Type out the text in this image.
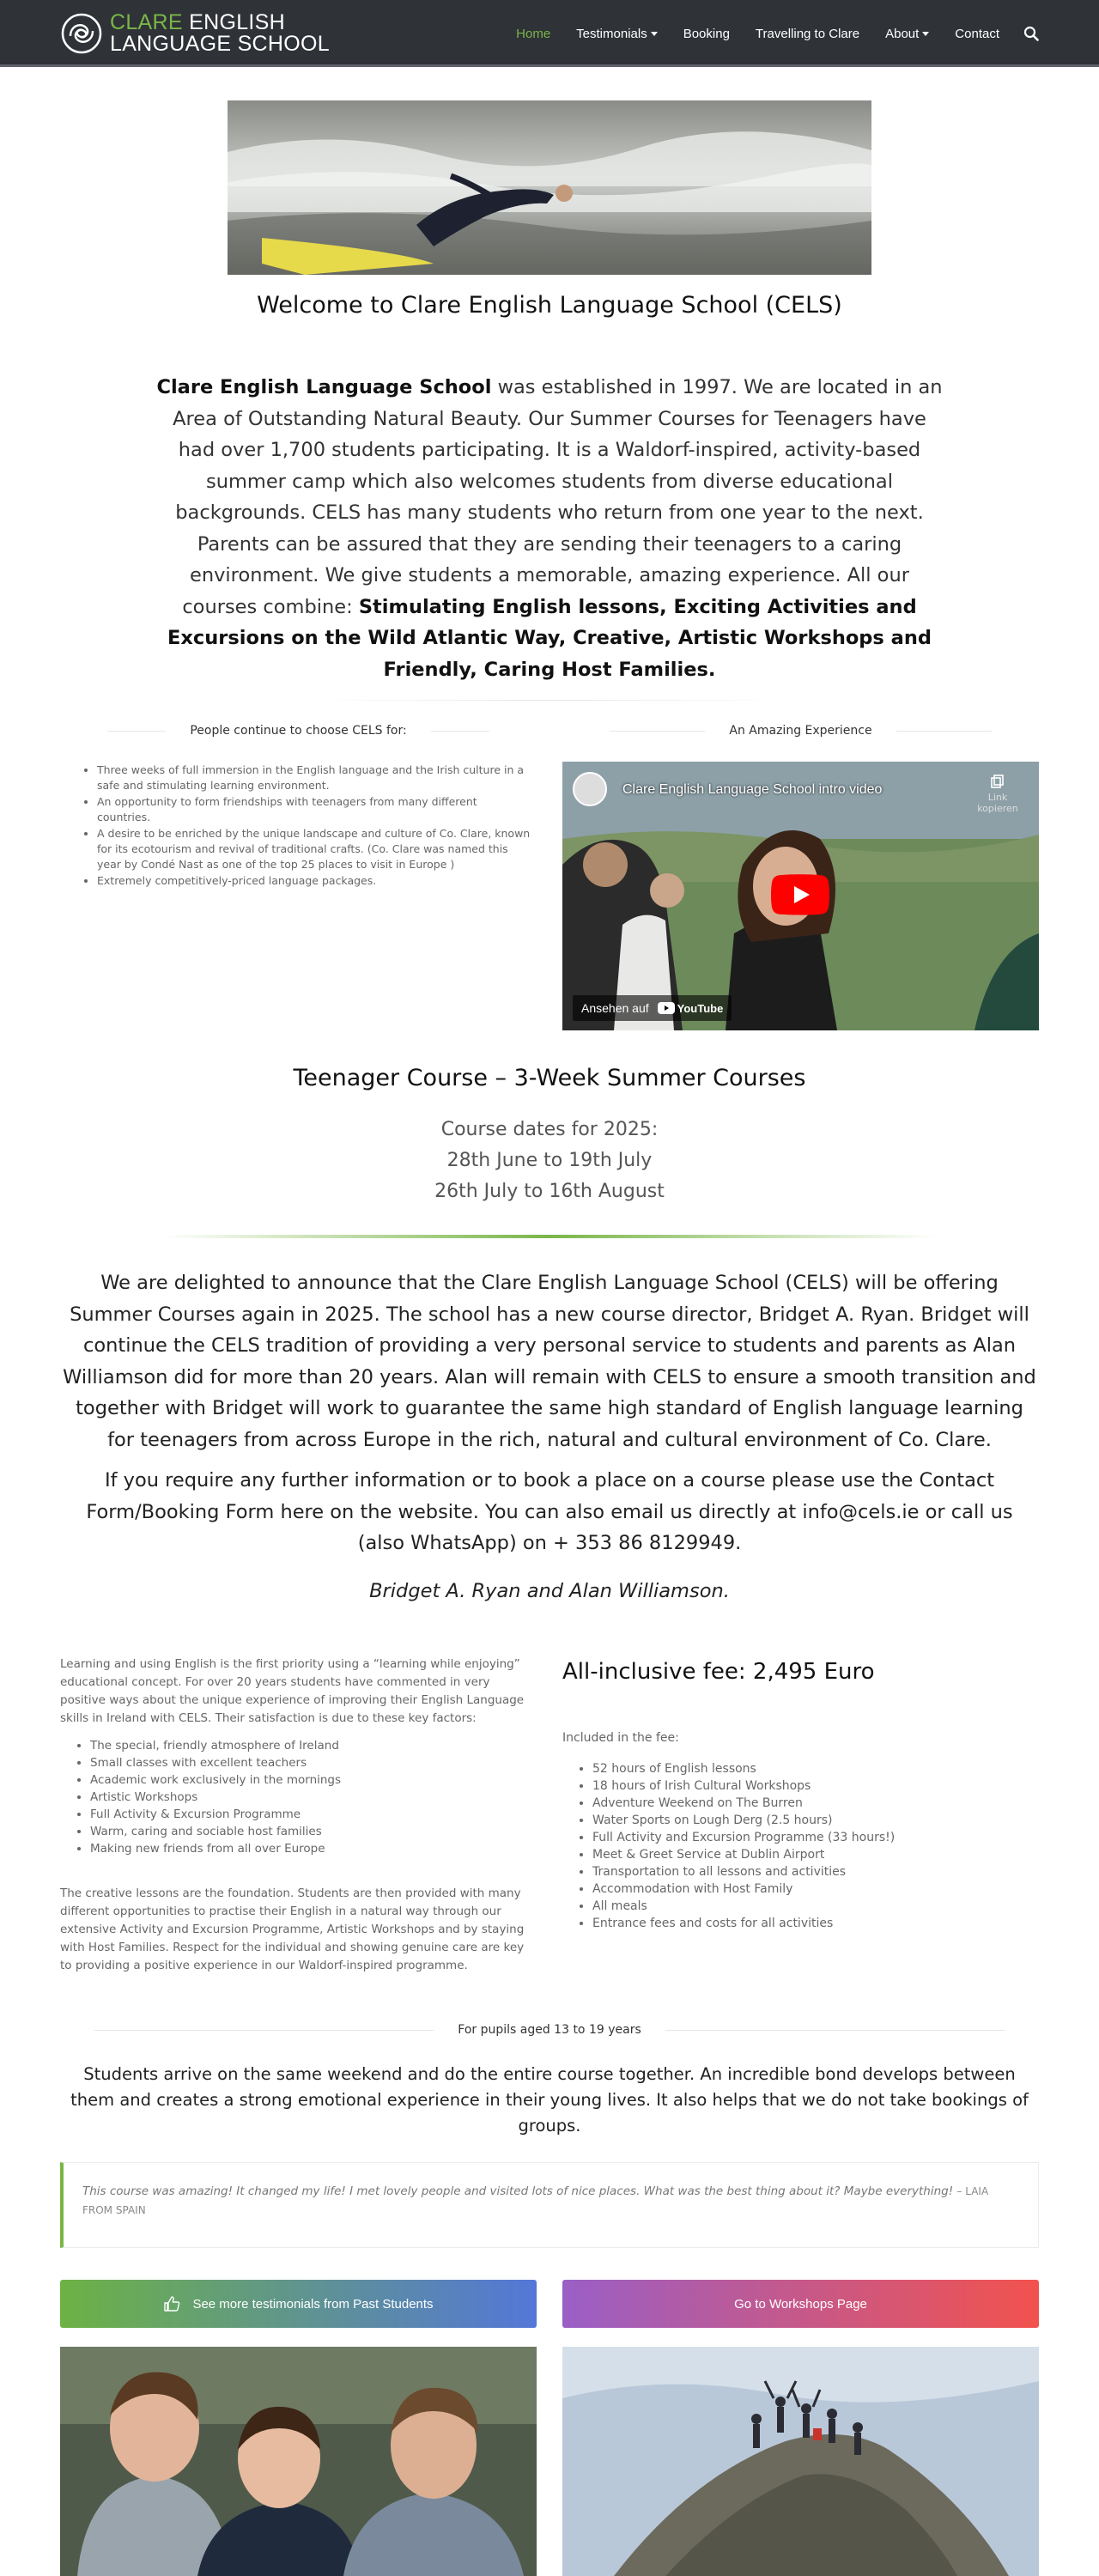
CLARE ENGLISH
LANGUAGE SCHOOL	Home Testimonials	Booking Travelling to Clare About	Contact
Welcome to Clare English Language School (CELS)
Clare English Language School was established in 1997. We are located in an Area of Outstanding Natural Beauty. Our Summer Courses for Teenagers have had over 1,700 students participating. It is a Waldorf-inspired, activity-based summer camp which also welcomes students from diverse educational backgrounds. CELS has many students who return from one year to the next. Parents can be assured that they are sending their teenagers to a caring environment. We give students a memorable, amazing experience. All our courses combine: Stimulating English lessons, Exciting Activities and Excursions on the Wild Atlantic Way, Creative, Artistic Workshops and Friendly, Caring Host Families.
People continue to choose CELS for:
• Three weeks of full immersion in the English language and the Irish culture in a safe and stimulating learning environment.
• An opportunity to form friendships with teenagers from many different countries.
• A desire to be enriched by the unique landscape and culture of Co. Clare, known for its ecotourism and revival of traditional crafts. (Co. Clare was named this year by Condé Nast as one of the top 25 places to visit in Europe )
• Extremely competitively-priced language packages.
An Amazing Experience
Clare English Language School intro video
Link kopieren
Ansehen auf	YouTube
Teenager Course – 3-Week Summer Courses
Course dates for 2025:
28th June to 19th July
26th July to 16th August

We are delighted to announce that the Clare English Language School (CELS) will be offering Summer Courses again in 2025. The school has a new course director, Bridget A. Ryan. Bridget will continue the CELS tradition of providing a very personal service to students and parents as Alan Williamson did for more than 20 years. Alan will remain with CELS to ensure a smooth transition and together with Bridget will work to guarantee the same high standard of English language learning for teenagers from across Europe in the rich, natural and cultural environment of Co. Clare.

If you require any further information or to book a place on a course please use the Contact Form/Booking Form here on the website. You can also email us directly at info@cels.ie or call us (also WhatsApp) on + 353 86 8129949.

Bridget A. Ryan and Alan Williamson.

Learning and using English is the first priority using a “learning while enjoying” educational concept. For over 20 years students have commented in very positive ways about the unique experience of improving their English Language skills in Ireland with CELS. Their satisfaction is due to these key factors:

• The special, friendly atmosphere of Ireland
• Small classes with excellent teachers
• Academic work exclusively in the mornings
• Artistic Workshops
• Full Activity & Excursion Programme
• Warm, caring and sociable host families
• Making new friends from all over Europe

The creative lessons are the foundation. Students are then provided with many different opportunities to practise their English in a natural way through our extensive Activity and Excursion Programme, Artistic Workshops and by staying with Host Families. Respect for the individual and showing genuine care are key to providing a positive experience in our Waldorf-inspired programme.

All-inclusive fee: 2,495 Euro
Included in the fee:
• 52 hours of English lessons
• 18 hours of Irish Cultural Workshops
• Adventure Weekend on The Burren
• Water Sports on Lough Derg (2.5 hours)
• Full Activity and Excursion Programme (33 hours!)
• Meet & Greet Service at Dublin Airport
• Transportation to all lessons and activities
• Accommodation with Host Family
• All meals
• Entrance fees and costs for all activities
For pupils aged 13 to 19 years
Students arrive on the same weekend and do the entire course together. An incredible bond develops between them and creates a strong emotional experience in their young lives. It also helps that we do not take bookings of groups.
This course was amazing! It changed my life! I met lovely people and visited lots of nice places. What was the best thing about it? Maybe everything! – LAIA FROM SPAIN
See more testimonials from Past Students	Go to Workshops Page
